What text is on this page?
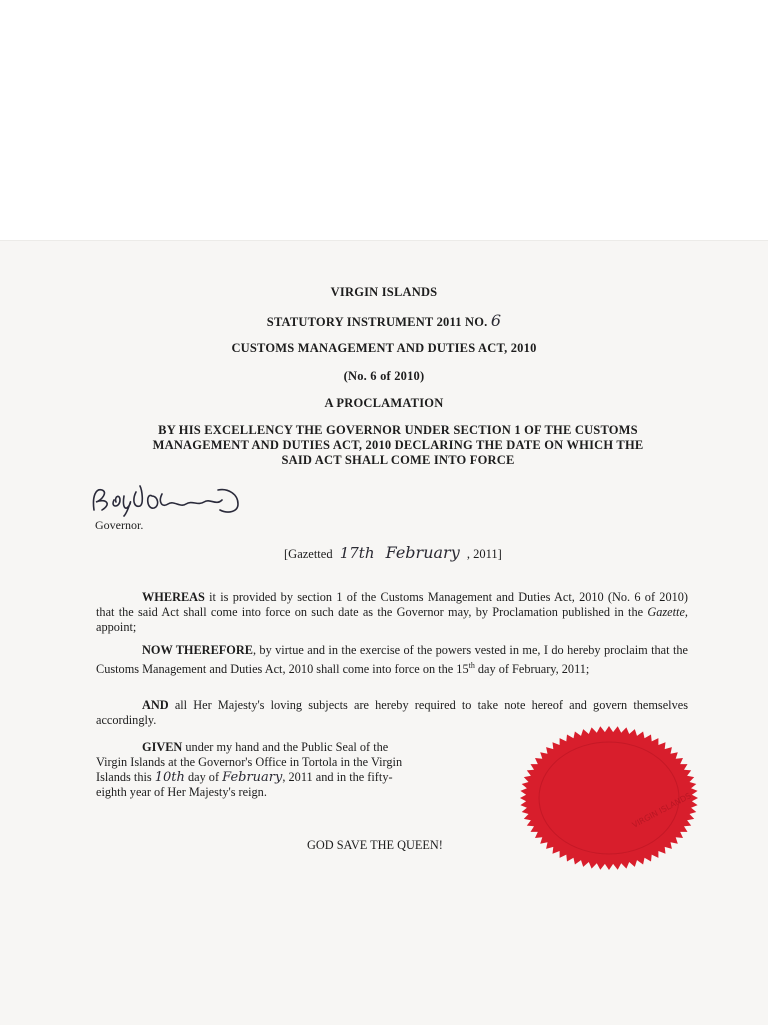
VIRGIN ISLANDS
STATUTORY INSTRUMENT 2011 NO. 6
CUSTOMS MANAGEMENT AND DUTIES ACT, 2010
(No. 6 of 2010)
A PROCLAMATION
BY HIS EXCELLENCY THE GOVERNOR UNDER SECTION 1 OF THE CUSTOMS
MANAGEMENT AND DUTIES ACT, 2010 DECLARING THE DATE ON WHICH THE
SAID ACT SHALL COME INTO FORCE
Governor.
[Gazetted 17th February , 2011]
WHEREAS it is provided by section 1 of the Customs Management and Duties Act, 2010 (No. 6 of 2010) that the said Act shall come into force on such date as the Governor may, by Proclamation published in the Gazette, appoint;
NOW THEREFORE, by virtue and in the exercise of the powers vested in me, I do hereby proclaim that the Customs Management and Duties Act, 2010 shall come into force on the 15th day of February, 2011;
AND all Her Majesty's loving subjects are hereby required to take note hereof and govern themselves accordingly.
GIVEN under my hand and the Public Seal of the Virgin Islands at the Governor's Office in Tortola in the Virgin Islands this 10th day of February, 2011 and in the fifty-eighth year of Her Majesty's reign.
GOD SAVE THE QUEEN!
VIRGIN ISLANDS
